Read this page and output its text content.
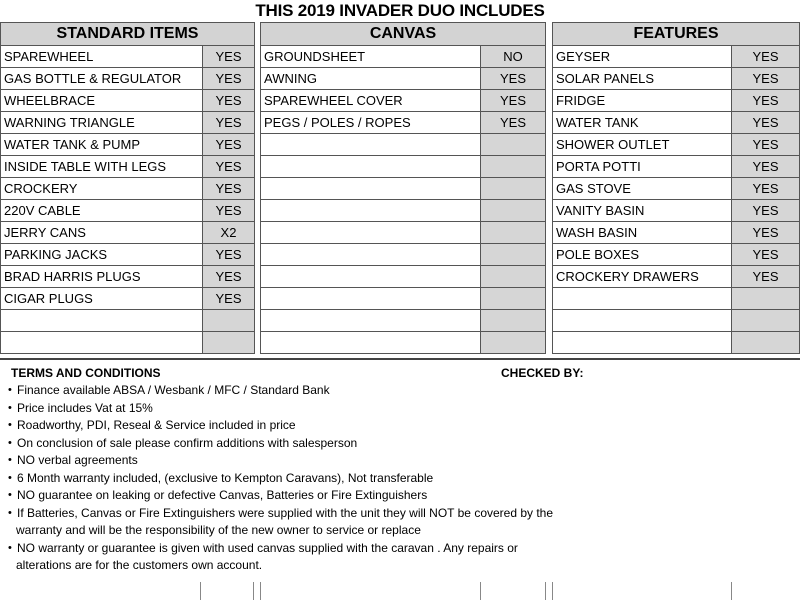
THIS 2019 INVADER DUO INCLUDES
STANDARD ITEMS	
SPAREWHEEL	YES
GAS BOTTLE & REGULATOR	YES
WHEELBRACE	YES
WARNING TRIANGLE	YES
WATER TANK & PUMP	YES
INSIDE TABLE WITH LEGS	YES
CROCKERY	YES
220V CABLE	YES
JERRY CANS	X2
PARKING JACKS	YES
BRAD HARRIS PLUGS	YES
CIGAR PLUGS	YES

CANVAS	
GROUNDSHEET	NO
AWNING	YES
SPAREWHEEL COVER	YES
PEGS / POLES / ROPES	YES

FEATURES	
GEYSER	YES
SOLAR PANELS	YES
FRIDGE	YES
WATER TANK	YES
SHOWER OUTLET	YES
PORTA POTTI	YES
GAS STOVE	YES
VANITY BASIN	YES
WASH BASIN	YES
POLE BOXES	YES
CROCKERY DRAWERS	YES

TERMS AND CONDITIONS	CHECKED BY:
• Finance available ABSA / Wesbank / MFC / Standard Bank
• Price includes Vat at 15%
• Roadworthy, PDI, Reseal & Service included in price
• On conclusion of sale please confirm additions with salesperson
• NO verbal agreements
• 6 Month warranty included, (exclusive to Kempton Caravans), Not transferable
• NO guarantee on leaking or defective Canvas, Batteries or Fire Extinguishers
• If Batteries, Canvas or Fire Extinguishers were supplied with the unit they will NOT be covered by the
warranty and will be the responsibility of the new owner to service or replace
• NO warranty or guarantee is given with used canvas supplied with the caravan . Any repairs or
alterations are for the customers own account.
